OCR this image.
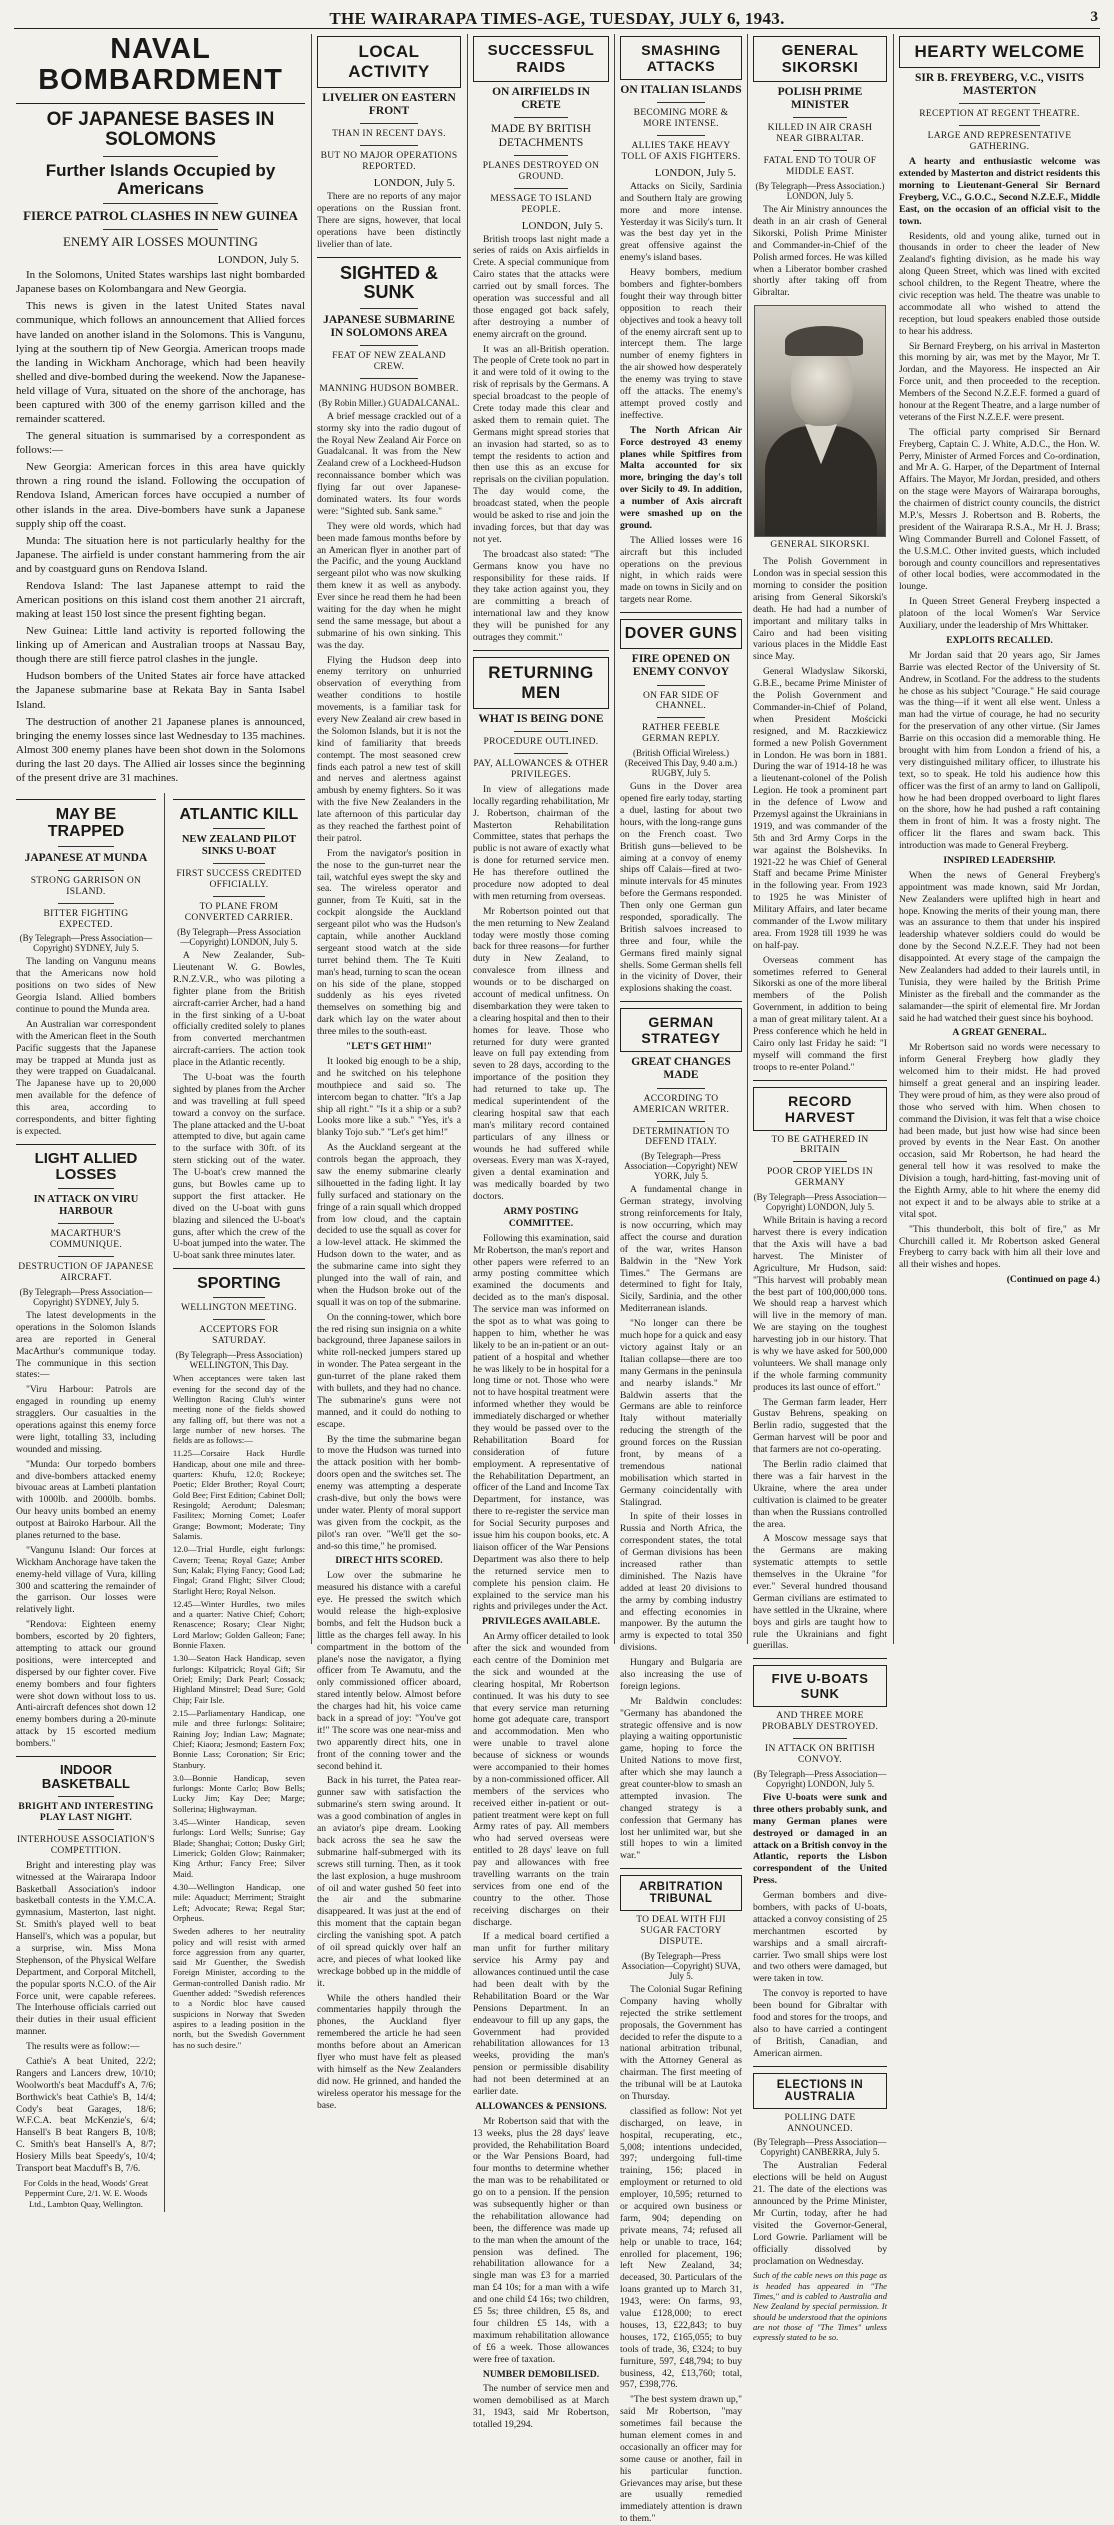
THE WAIRARAPA TIMES-AGE, TUESDAY, JULY 6, 1943.	3
NAVAL BOMBARDMENT
OF JAPANESE BASES IN SOLOMONS
Further Islands Occupied by Americans
FIERCE PATROL CLASHES IN NEW GUINEA
ENEMY AIR LOSSES MOUNTING
LONDON, July 5.

In the Solomons, United States warships last night bombarded Japanese bases on Kolombangara and New Georgia.

This news is given in the latest United States naval communique, which follows an announcement that Allied forces have landed on another island in the Solomons. This is Vangunu, lying at the southern tip of New Georgia. American troops made the landing in Wickham Anchorage, which had been heavily shelled and dive-bombed during the weekend. Now the Japanese-held village of Vura, situated on the shore of the anchorage, has been captured with 300 of the enemy garrison killed and the remainder scattered.

The general situation is summarised by a correspondent as follows:—

New Georgia: American forces in this area have quickly thrown a ring round the island. Following the occupation of Rendova Island, American forces have occupied a number of other islands in the area. Dive-bombers have sunk a Japanese supply ship off the coast.

Munda: The situation here is not particularly healthy for the Japanese. The airfield is under constant hammering from the air and by coastguard guns on Rendova Island.

Rendova Island: The last Japanese attempt to raid the American positions on this island cost them another 21 aircraft, making at least 150 lost since the present fighting began.

New Guinea: Little land activity is reported following the linking up of American and Australian troops at Nassau Bay, though there are still fierce patrol clashes in the jungle.

Hudson bombers of the United States air force have attacked the Japanese submarine base at Rekata Bay in Santa Isabel Island.

The destruction of another 21 Japanese planes is announced, bringing the enemy losses since last Wednesday to 135 machines. Almost 300 enemy planes have been shot down in the Solomons during the last 20 days. The Allied air losses since the beginning of the present drive are 31 machines.

MAY BE TRAPPED
JAPANESE AT MUNDA
STRONG GARRISON ON ISLAND.
BITTER FIGHTING EXPECTED.
(By Telegraph—Press Association—Copyright) SYDNEY, July 5.

The landing on Vangunu means that the Americans now hold positions on two sides of New Georgia Island. Allied bombers continue to pound the Munda area.

An Australian war correspondent with the American fleet in the South Pacific suggests that the Japanese may be trapped at Munda just as they were trapped on Guadalcanal. The Japanese have up to 20,000 men available for the defence of this area, according to correspondents, and bitter fighting is expected.

LIGHT ALLIED LOSSES
IN ATTACK ON VIRU HARBOUR
MACARTHUR'S COMMUNIQUE.
DESTRUCTION OF JAPANESE AIRCRAFT.
(By Telegraph—Press Association—Copyright) SYDNEY, July 5.

The latest developments in the operations in the Solomon Islands area are reported in General MacArthur's communique today. The communique in this section states:—

"Viru Harbour: Patrols are engaged in rounding up enemy stragglers. Our casualties in the operations against this enemy force were light, totalling 33, including wounded and missing.

"Munda: Our torpedo bombers and dive-bombers attacked enemy bivouac areas at Lambeti plantation with 1000lb. and 2000lb. bombs. Our heavy units bombed an enemy outpost at Bairoko Harbour. All the planes returned to the base.

"Vangunu Island: Our forces at Wickham Anchorage have taken the enemy-held village of Vura, killing 300 and scattering the remainder of the garrison. Our losses were relatively light.

"Rendova: Eighteen enemy bombers, escorted by 20 fighters, attempting to attack our ground positions, were intercepted and dispersed by our fighter cover. Five enemy bombers and four fighters were shot down without loss to us. Anti-aircraft defences shot down 12 enemy bombers during a 20-minute attack by 15 escorted medium bombers."

INDOOR BASKETBALL
BRIGHT AND INTERESTING PLAY LAST NIGHT.
INTERHOUSE ASSOCIATION'S COMPETITION.

Bright and interesting play was witnessed at the Wairarapa Indoor Basketball Association's indoor basketball contests in the Y.M.C.A. gymnasium, Masterton, last night. St. Smith's played well to beat Hansell's, which was a popular, but a surprise, win. Miss Mona Stephenson, of the Physical Welfare Department, and Corporal Mitchell, the popular sports N.C.O. of the Air Force unit, were capable referees. The Interhouse officials carried out their duties in their usual efficient manner.

The results were as follow:—

Cathie's A beat United, 22/2; Rangers and Lancers drew, 10/10; Woolworth's beat Macduff's A, 7/6; Borthwick's beat Cathie's B, 14/4; Cody's beat Garages, 18/6; W.F.C.A. beat McKenzie's, 6/4; Hansell's B beat Rangers B, 10/8; C. Smith's beat Hansell's A, 8/7; Hosiery Mills beat Speedy's, 10/4; Transport beat Macduff's B, 7/6.

For Colds in the head, Woods' Great Peppermint Cure, 2/1. W. E. Woods Ltd., Lambton Quay, Wellington.

ATLANTIC KILL
NEW ZEALAND PILOT SINKS U-BOAT
FIRST SUCCESS CREDITED OFFICIALLY.
TO PLANE FROM CONVERTED CARRIER.
(By Telegraph—Press Association—Copyright) LONDON, July 5.

A New Zealander, Sub-Lieutenant W. G. Bowles, R.N.Z.V.R., who was piloting a fighter plane from the British aircraft-carrier Archer, had a hand in the first sinking of a U-boat officially credited solely to planes from converted merchantmen aircraft-carriers. The action took place in the Atlantic recently.

The U-boat was the fourth sighted by planes from the Archer and was travelling at full speed toward a convoy on the surface. The plane attacked and the U-boat attempted to dive, but again came to the surface with 30ft. of its stern sticking out of the water. The U-boat's crew manned the guns, but Bowles came up to support the first attacker. He dived on the U-boat with guns blazing and silenced the U-boat's guns, after which the crew of the U-boat jumped into the water. The U-boat sank three minutes later.

SPORTING
WELLINGTON MEETING.
ACCEPTORS FOR SATURDAY.
(By Telegraph—Press Association) WELLINGTON, This Day.

When acceptances were taken last evening for the second day of the Wellington Racing Club's winter meeting none of the fields showed any falling off, but there was not a large number of new horses. The fields are as follows:—

11.25—Corsaire Hack Hurdle Handicap, about one mile and three-quarters: Khufu, 12.0; Rockeye; Poetic; Elder Brother; Royal Court; Gold Bee; First Edition; Cabinet Doll; Resingold; Aerodunt; Dalesman; Fasilitex; Morning Comet; Loafer Grange; Bowmont; Moderate; Tiny Salamis.

12.0—Trial Hurdle, eight furlongs: Cavern; Teena; Royal Gaze; Amber Sun; Kalak; Flying Fancy; Good Lad; Fingal; Grand Flight; Silver Cloud; Starlight Hero; Royal Nelson.

12.45—Winter Hurdles, two miles and a quarter: Native Chief; Cohort; Renascence; Rosary; Clear Night; Lord Marlow; Golden Galleon; Fane; Bonnie Flaxen.

1.30—Seaton Hack Handicap, seven furlongs: Kilpatrick; Royal Gift; Sir Oriel; Emily; Dark Pearl; Cossack; Highland Minstrel; Dead Sure; Gold Chip; Fair Isle.

2.15—Parliamentary Handicap, one mile and three furlongs: Solitaire; Raining Joy; Indian Law; Magnate; Chief; Kiaora; Jesmond; Eastern Fox; Bonnie Lass; Coronation; Sir Eric; Stanbury.

3.0—Bonnie Handicap, seven furlongs: Monte Carlo; Bow Bells; Lucky Jim; Kay Dee; Marge; Sollerina; Highwayman.

3.45—Winter Handicap, seven furlongs: Lord Wells; Sunrise; Gay Blade; Shanghai; Cotton; Dusky Girl; Limerick; Golden Glow; Rainmaker; King Arthur; Fancy Free; Silver Maid.

4.30—Wellington Handicap, one mile: Aquaduct; Merriment; Straight Left; Advocate; Rewa; Regal Star; Orpheus.

Sweden adheres to her neutrality policy and will resist with armed force aggression from any quarter, said Mr Guenther, the Swedish Foreign Minister, according to the German-controlled Danish radio. Mr Guenther added: "Swedish references to a Nordic bloc have caused suspicions in Norway that Sweden aspires to a leading position in the north, but the Swedish Government has no such desire."

LOCAL ACTIVITY
LIVELIER ON EASTERN FRONT
THAN IN RECENT DAYS.
BUT NO MAJOR OPERATIONS REPORTED.
LONDON, July 5.

There are no reports of any major operations on the Russian front. There are signs, however, that local operations have been distinctly livelier than of late.

SIGHTED & SUNK
JAPANESE SUBMARINE IN SOLOMONS AREA
FEAT OF NEW ZEALAND CREW.
MANNING HUDSON BOMBER.
(By Robin Miller.) GUADALCANAL.

A brief message crackled out of a stormy sky into the radio dugout of the Royal New Zealand Air Force on Guadalcanal. It was from the New Zealand crew of a Lockheed-Hudson reconnaissance bomber which was flying far out over Japanese-dominated waters. Its four words were: "Sighted sub. Sank same."

They were old words, which had been made famous months before by an American flyer in another part of the Pacific, and the young Auckland sergeant pilot who was now skulking them knew it as well as anybody. Ever since he read them he had been waiting for the day when he might send the same message, but about a submarine of his own sinking. This was the day.

Flying the Hudson deep into enemy territory on unhurried observation of everything from weather conditions to hostile movements, is a familiar task for every New Zealand air crew based in the Solomon Islands, but it is not the kind of familiarity that breeds contempt. The most seasoned crew finds each patrol a new test of skill and nerves and alertness against ambush by enemy fighters. So it was with the five New Zealanders in the late afternoon of this particular day as they reached the farthest point of their patrol.

From the navigator's position in the nose to the gun-turret near the tail, watchful eyes swept the sky and sea. The wireless operator and gunner, from Te Kuiti, sat in the cockpit alongside the Auckland sergeant pilot who was the Hudson's captain, while another Auckland sergeant stood watch at the side turret behind them. The Te Kuiti man's head, turning to scan the ocean on his side of the plane, stopped suddenly as his eyes riveted themselves on something big and dark which lay on the water about three miles to the south-east.

"LET'S GET HIM!"

It looked big enough to be a ship, and he switched on his telephone mouthpiece and said so. The intercom began to chatter. "It's a Jap ship all right." "Is it a ship or a sub? Looks more like a sub." "Yes, it's a blanky Tojo sub." "Let's get him!"

As the Auckland sergeant at the controls began the approach, they saw the enemy submarine clearly silhouetted in the fading light. It lay fully surfaced and stationary on the fringe of a rain squall which dropped from low cloud, and the captain decided to use the squall as cover for a low-level attack. He skimmed the Hudson down to the water, and as the submarine came into sight they plunged into the wall of rain, and when the Hudson broke out of the squall it was on top of the submarine.

On the conning-tower, which bore the red rising sun insignia on a white background, three Japanese sailors in white roll-necked jumpers stared up in wonder. The Patea sergeant in the gun-turret of the plane raked them with bullets, and they had no chance. The submarine's guns were not manned, and it could do nothing to escape.

By the time the submarine began to move the Hudson was turned into the attack position with her bomb-doors open and the switches set. The enemy was attempting a desperate crash-dive, but only the bows were under water. Plenty of moral support was given from the cockpit, as the pilot's ran over. "We'll get the so-and-so this time," he promised.

DIRECT HITS SCORED.

Low over the submarine he measured his distance with a careful eye. He pressed the switch which would release the high-explosive bombs, and felt the Hudson buck a little as the charges fell away. In his compartment in the bottom of the plane's nose the navigator, a flying officer from Te Awamutu, and the only commissioned officer aboard, stared intently below. Almost before the charges had hit, his voice came back in a spread of joy: "You've got it!" The score was one near-miss and two apparently direct hits, one in front of the conning tower and the second behind it.

Back in his turret, the Patea rear-gunner saw with satisfaction the submarine's stern swing around. It was a good combination of angles in an aviator's pipe dream. Looking back across the sea he saw the submarine half-submerged with its screws still turning. Then, as it took the last explosion, a huge mushroom of oil and water gushed 50 feet into the air and the submarine disappeared. It was just at the end of this moment that the captain began circling the vanishing spot. A patch of oil spread quickly over half an acre, and pieces of what looked like wreckage bobbed up in the middle of it.

While the others handled their commentaries happily through the phones, the Auckland flyer remembered the article he had seen months before about an American flyer who must have felt as pleased with himself as the New Zealanders did now. He grinned, and handed the wireless operator his message for the base.

SUCCESSFUL RAIDS
ON AIRFIELDS IN CRETE
MADE BY BRITISH DETACHMENTS
PLANES DESTROYED ON GROUND.
MESSAGE TO ISLAND PEOPLE.
LONDON, July 5.

British troops last night made a series of raids on Axis airfields in Crete. A special communique from Cairo states that the attacks were carried out by small forces. The operation was successful and all those engaged got back safely, after destroying a number of enemy aircraft on the ground.

It was an all-British operation. The people of Crete took no part in it and were told of it owing to the risk of reprisals by the Germans. A special broadcast to the people of Crete today made this clear and asked them to remain quiet. The Germans might spread stories that an invasion had started, so as to tempt the residents to action and then use this as an excuse for reprisals on the civilian population. The day would come, the broadcast stated, when the people would be asked to rise and join the invading forces, but that day was not yet.

The broadcast also stated: "The Germans know you have no responsibility for these raids. If they take action against you, they are committing a breach of international law and they know they will be punished for any outrages they commit."

RETURNING MEN
WHAT IS BEING DONE
PROCEDURE OUTLINED.
PAY, ALLOWANCES & OTHER PRIVILEGES.

In view of allegations made locally regarding rehabilitation, Mr J. Robertson, chairman of the Masterton Rehabilitation Committee, states that perhaps the public is not aware of exactly what is done for returned service men. He has therefore outlined the procedure now adopted to deal with men returning from overseas.

Mr Robertson pointed out that the men returning to New Zealand today were mostly those coming back for three reasons—for further duty in New Zealand, to convalesce from illness and wounds or to be discharged on account of medical unfitness. On disembarkation they were taken to a clearing hospital and then to their homes for leave. Those who returned for duty were granted leave on full pay extending from seven to 28 days, according to the importance of the position they had returned to take up. The medical superintendent of the clearing hospital saw that each man's military record contained particulars of any illness or wounds he had suffered while overseas. Every man was X-rayed, given a dental examination and was medically boarded by two doctors.

ARMY POSTING COMMITTEE.

Following this examination, said Mr Robertson, the man's report and other papers were referred to an army posting committee which examined the documents and decided as to the man's disposal. The service man was informed on the spot as to what was going to happen to him, whether he was likely to be an in-patient or an out-patient of a hospital and whether he was likely to be in hospital for a long time or not. Those who were not to have hospital treatment were informed whether they would be immediately discharged or whether they would be passed over to the Rehabilitation Board for consideration of future employment. A representative of the Rehabilitation Department, an officer of the Land and Income Tax Department, for instance, was there to re-register the service man for Social Security purposes and issue him his coupon books, etc. A liaison officer of the War Pensions Department was also there to help the returned service men to complete his pension claim. He explained to the service man his rights and privileges under the Act.

PRIVILEGES AVAILABLE.

An Army officer detailed to look after the sick and wounded from each centre of the Dominion met the sick and wounded at the clearing hospital, Mr Robertson continued. It was his duty to see that every service man returning home got adequate care, transport and accommodation. Men who were unable to travel alone because of sickness or wounds were accompanied to their homes by a non-commissioned officer. All members of the services who received either in-patient or out-patient treatment were kept on full Army rates of pay. All members who had served overseas were entitled to 28 days' leave on full pay and allowances with free travelling warrants on the train services from one end of the country to the other. Those receiving discharges on their discharge.

If a medical board certified a man unfit for further military service his Army pay and allowances continued until the case had been dealt with by the Rehabilitation Board or the War Pensions Department. In an endeavour to fill up any gaps, the Government had provided rehabilitation allowances for 13 weeks, providing the man's pension or permissible disability had not been determined at an earlier date.

ALLOWANCES & PENSIONS.

Mr Robertson said that with the 13 weeks, plus the 28 days' leave provided, the Rehabilitation Board or the War Pensions Board, had four months to determine whether the man was to be rehabilitated or go on to a pension. If the pension was subsequently higher or than the rehabilitation allowance had been, the difference was made up to the man when the amount of the pension was defined. The rehabilitation allowance for a single man was £3 for a married man £4 10s; for a man with a wife and one child £4 16s; two children, £5 5s; three children, £5 8s, and four children £5 14s, with a maximum rehabilitation allowance of £6 a week. Those allowances were free of taxation.

NUMBER DEMOBILISED.

The number of service men and women demobilised as at March 31, 1943, said Mr Robertson, totalled 19,294.

SMASHING ATTACKS
ON ITALIAN ISLANDS
BECOMING MORE & MORE INTENSE.
ALLIES TAKE HEAVY TOLL OF AXIS FIGHTERS.
LONDON, July 5.

Attacks on Sicily, Sardinia and Southern Italy are growing more and more intense. Yesterday it was Sicily's turn. It was the best day yet in the great offensive against the enemy's island bases.

Heavy bombers, medium bombers and fighter-bombers fought their way through bitter opposition to reach their objectives and took a heavy toll of the enemy aircraft sent up to intercept them. The large number of enemy fighters in the air showed how desperately the enemy was trying to stave off the attacks. The enemy's attempt proved costly and ineffective.

The North African Air Force destroyed 43 enemy planes while Spitfires from Malta accounted for six more, bringing the day's toll over Sicily to 49. In addition, a number of Axis aircraft were smashed up on the ground.

The Allied losses were 16 aircraft but this included operations on the previous night, in which raids were made on towns in Sicily and on targets near Rome.

DOVER GUNS
FIRE OPENED ON ENEMY CONVOY
ON FAR SIDE OF CHANNEL.
RATHER FEEBLE GERMAN REPLY.
(British Official Wireless.) (Received This Day, 9.40 a.m.) RUGBY, July 5.

Guns in the Dover area opened fire early today, starting a duel, lasting for about two hours, with the long-range guns on the French coast. Two British guns—believed to be aiming at a convoy of enemy ships off Calais—fired at two-minute intervals for 45 minutes before the Germans responded. Then only one German gun responded, sporadically. The British salvoes increased to three and four, while the Germans fired mainly signal shells. Some German shells fell in the vicinity of Dover, their explosions shaking the coast.

GERMAN STRATEGY
GREAT CHANGES MADE
ACCORDING TO AMERICAN WRITER.
DETERMINATION TO DEFEND ITALY.
(By Telegraph—Press Association—Copyright) NEW YORK, July 5.

A fundamental change in German strategy, involving strong reinforcements for Italy, is now occurring, which may affect the course and duration of the war, writes Hanson Baldwin in the "New York Times." The Germans are determined to fight for Italy, Sicily, Sardinia, and the other Mediterranean islands.

"No longer can there be much hope for a quick and easy victory against Italy or an Italian collapse—there are too many Germans in the peninsula and nearby islands." Mr Baldwin asserts that the Germans are able to reinforce Italy without materially reducing the strength of the ground forces on the Russian front, by means of a tremendous national mobilisation which started in Germany coincidentally with Stalingrad.

In spite of their losses in Russia and North Africa, the correspondent states, the total of German divisions has been increased rather than diminished. The Nazis have added at least 20 divisions to the army by combing industry and effecting economies in manpower. By the autumn the army is expected to total 350 divisions.

Hungary and Bulgaria are also increasing the use of foreign legions.

Mr Baldwin concludes: "Germany has abandoned the strategic offensive and is now playing a waiting opportunistic game, hoping to force the United Nations to move first, after which she may launch a great counter-blow to smash an attempted invasion. The changed strategy is a confession that Germany has lost her unlimited war, but she still hopes to win a limited war."

ARBITRATION TRIBUNAL
TO DEAL WITH FIJI SUGAR FACTORY DISPUTE.
(By Telegraph—Press Association—Copyright) SUVA, July 5.

The Colonial Sugar Refining Company having wholly rejected the strike settlement proposals, the Government has decided to refer the dispute to a national arbitration tribunal, with the Attorney General as chairman. The first meeting of the tribunal will be at Lautoka on Thursday.

classified as follow: Not yet discharged, on leave, in hospital, recuperating, etc., 5,008; intentions undecided, 397; undergoing full-time training, 156; placed in employment or returned to old employer, 10,595; returned to or acquired own business or farm, 904; depending on private means, 74; refused all help or unable to trace, 164; enrolled for placement, 196; left New Zealand, 34; deceased, 30. Particulars of the loans granted up to March 31, 1943, were: On farms, 93, value £128,000; to erect houses, 13, £22,843; to buy houses, 172, £165,055; to buy tools of trade, 36, £324; to buy furniture, 597, £48,794; to buy business, 42, £13,760; total, 957, £398,776.

"The best system drawn up," said Mr Robertson, "may sometimes fail because the human element comes in and occasionally an officer may for some cause or another, fail in his particular function. Grievances may arise, but these are usually remedied immediately attention is drawn to them."

GENERAL SIKORSKI
POLISH PRIME MINISTER
KILLED IN AIR CRASH NEAR GIBRALTAR.
FATAL END TO TOUR OF MIDDLE EAST.
(By Telegraph—Press Association.) LONDON, July 5.

The Air Ministry announces the death in an air crash of General Sikorski, Polish Prime Minister and Commander-in-Chief of the Polish armed forces. He was killed when a Liberator bomber crashed shortly after taking off from Gibraltar.

GENERAL SIKORSKI.

The Polish Government in London was in special session this morning to consider the position arising from General Sikorski's death. He had had a number of important and military talks in Cairo and had been visiting various places in the Middle East since May.

General Wladyslaw Sikorski, G.B.E., became Prime Minister of the Polish Government and Commander-in-Chief of Poland, when President Mościcki resigned, and M. Raczkiewicz formed a new Polish Government in London. He was born in 1881. During the war of 1914-18 he was a lieutenant-colonel of the Polish Legion. He took a prominent part in the defence of Lwow and Przemysl against the Ukrainians in 1919, and was commander of the 5th and 3rd Army Corps in the war against the Bolsheviks. In 1921-22 he was Chief of General Staff and became Prime Minister in the following year. From 1923 to 1925 he was Minister of Military Affairs, and later became commander of the Lwow military area. From 1928 till 1939 he was on half-pay.

Overseas comment has sometimes referred to General Sikorski as one of the more liberal members of the Polish Government, in addition to being a man of great military talent. At a Press conference which he held in Cairo only last Friday he said: "I myself will command the first troops to re-enter Poland."

RECORD HARVEST
TO BE GATHERED IN BRITAIN
POOR CROP YIELDS IN GERMANY
(By Telegraph—Press Association—Copyright) LONDON, July 5.

While Britain is having a record harvest there is every indication that the Axis will have a bad harvest. The Minister of Agriculture, Mr Hudson, said: "This harvest will probably mean the best part of 100,000,000 tons. We should reap a harvest which will live in the memory of man. We are staying on the toughest harvesting job in our history. That is why we have asked for 500,000 volunteers. We shall manage only if the whole farming community produces its last ounce of effort."

The German farm leader, Herr Gustav Behrens, speaking on Berlin radio, suggested that the German harvest will be poor and that farmers are not co-operating.

The Berlin radio claimed that there was a fair harvest in the Ukraine, where the area under cultivation is claimed to be greater than when the Russians controlled the area.

A Moscow message says that the Germans are making systematic attempts to settle themselves in the Ukraine "for ever." Several hundred thousand German civilians are estimated to have settled in the Ukraine, where boys and girls are taught how to rule the Ukrainians and fight guerillas.

FIVE U-BOATS SUNK
AND THREE MORE PROBABLY DESTROYED.
IN ATTACK ON BRITISH CONVOY.
(By Telegraph—Press Association—Copyright) LONDON, July 5.

Five U-boats were sunk and three others probably sunk, and many German planes were destroyed or damaged in an attack on a British convoy in the Atlantic, reports the Lisbon correspondent of the United Press.

German bombers and dive-bombers, with packs of U-boats, attacked a convoy consisting of 25 merchantmen escorted by warships and a small aircraft-carrier. Two small ships were lost and two others were damaged, but were taken in tow.

The convoy is reported to have been bound for Gibraltar with food and stores for the troops, and also to have carried a contingent of British, Canadian, and American airmen.

ELECTIONS IN AUSTRALIA
POLLING DATE ANNOUNCED.
(By Telegraph—Press Association—Copyright) CANBERRA, July 5.

The Australian Federal elections will be held on August 21. The date of the elections was announced by the Prime Minister, Mr Curtin, today, after he had visited the Governor-General, Lord Gowrie. Parliament will be officially dissolved by proclamation on Wednesday.

Such of the cable news on this page as is headed has appeared in "The Times," and is cabled to Australia and New Zealand by special permission. It should be understood that the opinions are not those of "The Times" unless expressly stated to be so.

HEARTY WELCOME
SIR B. FREYBERG, V.C., VISITS MASTERTON
RECEPTION AT REGENT THEATRE.
LARGE AND REPRESENTATIVE GATHERING.

A hearty and enthusiastic welcome was extended by Masterton and district residents this morning to Lieutenant-General Sir Bernard Freyberg, V.C., G.O.C., Second N.Z.E.F., Middle East, on the occasion of an official visit to the town.

Residents, old and young alike, turned out in thousands in order to cheer the leader of New Zealand's fighting division, as he made his way along Queen Street, which was lined with excited school children, to the Regent Theatre, where the civic reception was held. The theatre was unable to accommodate all who wished to attend the reception, but loud speakers enabled those outside to hear his address.

Sir Bernard Freyberg, on his arrival in Masterton this morning by air, was met by the Mayor, Mr T. Jordan, and the Mayoress. He inspected an Air Force unit, and then proceeded to the reception. Members of the Second N.Z.E.F. formed a guard of honour at the Regent Theatre, and a large number of veterans of the First N.Z.E.F. were present.

The official party comprised Sir Bernard Freyberg, Captain C. J. White, A.D.C., the Hon. W. Perry, Minister of Armed Forces and Co-ordination, and Mr A. G. Harper, of the Department of Internal Affairs. The Mayor, Mr Jordan, presided, and others on the stage were Mayors of Wairarapa boroughs, the chairmen of district county councils, the district M.P.'s, Messrs J. Robertson and B. Roberts, the president of the Wairarapa R.S.A., Mr H. J. Brass; Wing Commander Burrell and Colonel Fassett, of the U.S.M.C. Other invited guests, which included borough and county councillors and representatives of other local bodies, were accommodated in the lounge.

In Queen Street General Freyberg inspected a platoon of the local Women's War Service Auxiliary, under the leadership of Mrs Whittaker.

EXPLOITS RECALLED.

Mr Jordan said that 20 years ago, Sir James Barrie was elected Rector of the University of St. Andrew, in Scotland. For the address to the students he chose as his subject "Courage." He said courage was the thing—if it went all else went. Unless a man had the virtue of courage, he had no security for the preservation of any other virtue. (Sir James Barrie on this occasion did a memorable thing. He brought with him from London a friend of his, a very distinguished military officer, to illustrate his text, so to speak. He told his audience how this officer was the first of an army to land on Gallipoli, how he had been dropped overboard to light flares on the shore, how he had pushed a raft containing them in front of him. It was a frosty night. The officer lit the flares and swam back. This introduction was made to General Freyberg.

INSPIRED LEADERSHIP.

When the news of General Freyberg's appointment was made known, said Mr Jordan, New Zealanders were uplifted high in heart and hope. Knowing the merits of their young man, there was an assurance to them that under his inspired leadership whatever soldiers could do would be done by the Second N.Z.E.F. They had not been disappointed. At every stage of the campaign the New Zealanders had added to their laurels until, in Tunisia, they were hailed by the British Prime Minister as the fireball and the commander as the salamander—the spirit of elemental fire. Mr Jordan said he had watched their guest since his boyhood.

A GREAT GENERAL.

Mr Robertson said no words were necessary to inform General Freyberg how gladly they welcomed him to their midst. He had proved himself a great general and an inspiring leader. They were proud of him, as they were also proud of those who served with him. When chosen to command the Division, it was felt that a wise choice had been made, but just how wise had since been proved by events in the Near East. On another occasion, said Mr Robertson, he had heard the general tell how it was resolved to make the Division a tough, hard-hitting, fast-moving unit of the Eighth Army, able to hit where the enemy did not expect it and to be always able to strike at a vital spot.

"This thunderbolt, this bolt of fire," as Mr Churchill called it. Mr Robertson asked General Freyberg to carry back with him all their love and all their wishes and hopes.

(Continued on page 4.)
